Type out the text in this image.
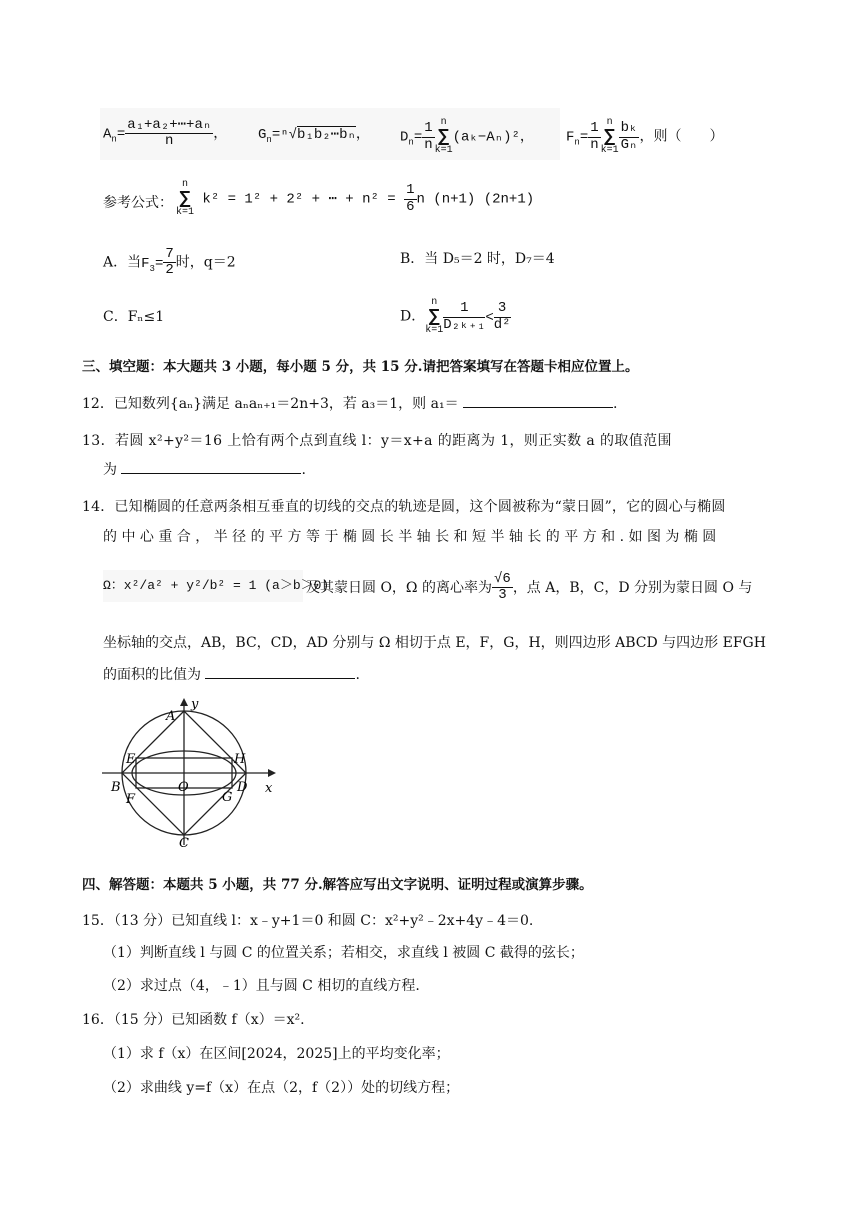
$A_n= \frac{\text{a₁+a₂+⋯+aₙ}}{n}$ ， $G_n=^n√b_1b_2\cdots b_n$， $D_n= \frac{1}{n}$ n
∑
k=1
(aₖ−Aₙ)²， $F_n= \frac{1}{n}$ n
∑
$k=1 \frac{\text{bₖ}}{\text{Gₙ}}$ ，则（　　）
参考公式：
n
∑
k=1
k² = 1² + 2² + ⋯ + $n^2 = \frac{1}{6}$ n (n+1) (2n+1)
A．当$F_3= \frac{7}{2}$ 时，q＝2	B．当 D₅＝2 时，D₇＝4
C．Fₙ≤1	D．
n
∑
$k=1 \frac{1}{\text{D₂ₖ₊₁}} < \frac{3}{\text{d²}}$
三、填空题：本大题共 3 小题，每小题 5 分，共 15 分.请把答案填写在答题卡相应位置上。
12．已知数列{aₙ}满足 aₙaₙ₊₁＝2n+3，若 a₃＝1，则 a₁＝	.
13．若圆 x²+y²＝16 上恰有两个点到直线 l：y＝x+a 的距离为 1，则正实数 a 的取值范围
为	.
14．已知椭圆的任意两条相互垂直的切线的交点的轨迹是圆，这个圆被称为“蒙日圆”，它的圆心与椭圆
的 中 心 重 合 ， 半 径 的 平 方 等 于 椭 圆 长 半 轴 长 和 短 半 轴 长 的 平 方 和 . 如 图 为 椭 圆
Ω：x²/a² + y²/b² = 1 (a＞b＞0)
及其蒙日圆 O，Ω 的离心率为 $\frac{√6}{3}$ ，点 A，B，C，D 分别为蒙日圆 O 与
坐标轴的交点，AB，BC，CD，AD 分别与 Ω 相切于点 E，F，G，H，则四边形 ABCD 与四边形 EFGH
的面积的比值为	.
A
y
E	H
B	O
G
D x
F
C
四、解答题：本题共 5 小题，共 77 分.解答应写出文字说明、证明过程或演算步骤。
15．（13 分）已知直线 l：x﹣y+1＝0 和圆 C：x²+y²﹣2x+4y﹣4＝0.
（1）判断直线 l 与圆 C 的位置关系；若相交，求直线 l 被圆 C 截得的弦长；
（2）求过点（4，﹣1）且与圆 C 相切的直线方程.
16．（15 分）已知函数 f（x）＝x².
（1）求 f（x）在区间[2024，2025]上的平均变化率；
（2）求曲线 y=f（x）在点（2，f（2））处的切线方程；
